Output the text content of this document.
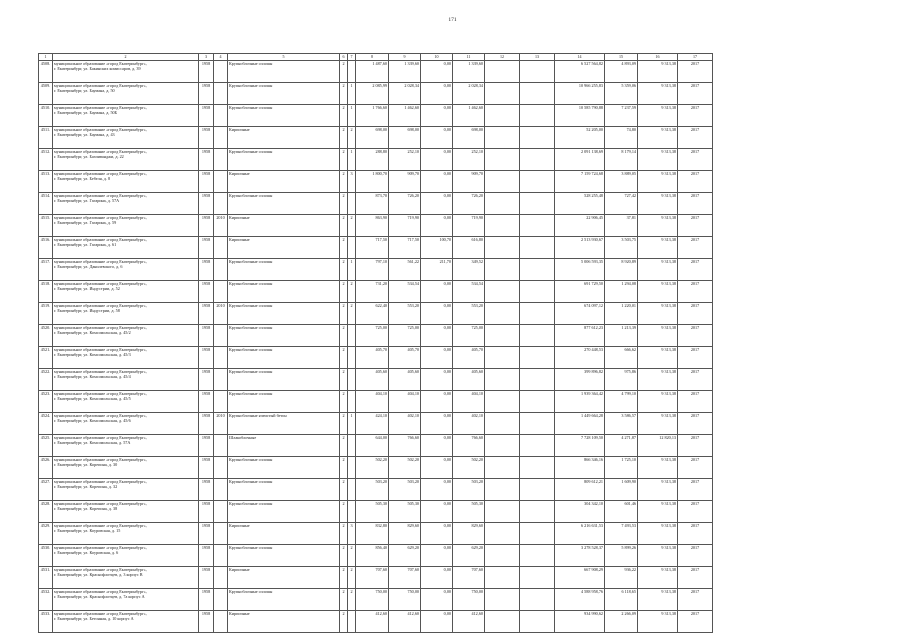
171
1	2	3	4	5	6	7	8	9	10	11	12	13	14	15	16	17
4508.	муниципальное образование «город Екатеринбург»,
г. Екатеринбург, ул. Бакинских комиссаров, д. 39	1958		Крупноблочные сплошн	2		1 487,60	1 339,60	0,00	1 339,60			6 527 564,82	4 893,09	9 313,38	2017
4509.	муниципальное образование «город Екатеринбург»,
г. Екатеринбург, ул. Бауманa, д. 50	1958		Крупноблочные сплошн	2	1	2 085,99	2 028,34	0,00	2 028,34			10 966 255,83	5 359,06	9 313,38	2017
4510.	муниципальное образование «город Екатеринбург»,
г. Екатеринбург, ул. Бауманa, д. 50Б	1958		Крупноблочные сплошн	2	1	1 766,60	1 462,60	0,00	1 462,60			10 585 790,88	7 237,59	9 313,38	2017
4511.	муниципальное образование «город Екатеринбург»,
г. Екатеринбург, ул. Бауманa, д. 43	1958		Кирпичные	2	2	698,00	698,00	0,00	698,00			52 205,00	74,80	9 313,38	2017
4512.	муниципальное образование «город Екатеринбург»,
г. Екатеринбург, ул. Бахчиванджи, д. 22	1958		Крупноблочные сплошн	2	1	288,80	252,10	0,00	252,10			2 091 138,69	8 179,14	9 313,38	2017
4513.	муниципальное образование «город Екатеринбург»,
г. Екатеринбург, ул. Бебеля, д. 8	1958		Кирпичные	2	3	1 800,70	909,70	0,00	909,70			7 159 724,68	3 889,05	9 313,38	2017
4514.	муниципальное образование «город Екатеринбург»,
г. Екатеринбург, ул. Гагарина, д. 57А	1958		Крупноблочные сплошн	2		873,70	726,20	0,00	726,20			528 255,48	727,42	9 313,38	2017
4515.	муниципальное образование «город Екатеринбург»,
г. Екатеринбург, ул. Гагарина, д. 59	1958	2010	Кирпичные	2	2	863,90	719,90	0,00	719,90			22 906,45	37,81	9 313,38	2017
4516.	муниципальное образование «город Екатеринбург»,
г. Екатеринбург, ул. Гагарина, д. 61	1958		Кирпичные	2		717,50	717,50	100,70	616,80			2 513 930,67	3 503,75	9 313,38	2017
4517.	муниципальное образование «город Екатеринбург»,
г. Екатеринбург, ул. Данилевского, д. 6	1958		Крупноблочные сплошн	2	1	797,10	561,22	211,70	349,52			5 006 593,35	8 920,89	9 313,38	2017
4518.	муниципальное образование «город Екатеринбург»,
г. Екатеринбург, ул. Индустрии, д. 52	1958		Крупноблочные сплошн	2	2	731,20	534,54	0,00	534,54			691 729,50	1 294,08	9 313,38	2017
4519.	муниципальное образование «город Екатеринбург»,
г. Екатеринбург, ул. Индустрии, д. 58	1958	2010	Крупноблочные сплошн	2	2	622,40	553,20	0,00	553,20			674 097,12	1 220,01	9 313,38	2017
4520.	муниципальное образование «город Екатеринбург»,
г. Екатеринбург, ул. Комсомольская, д. 45/2	1958		Крупноблочные сплошн	2		725,00	725,00	0,00	725,00			877 612,23	1 213,39	9 313,38	2017
4521.	муниципальное образование «город Екатеринбург»,
г. Екатеринбург, ул. Комсомольская, д. 45/3	1958		Крупноблочные сплошн	2		405,70	405,70	0,00	405,70			270 448,53	666,62	9 313,38	2017
4522.	муниципальное образование «город Екатеринбург»,
г. Екатеринбург, ул. Комсомольская, д. 45/4	1958		Крупноблочные сплошн	2		405,60	405,60	0,00	405,60			399 896,82	975,86	9 313,38	2017
4523.	муниципальное образование «город Екатеринбург»,
г. Екатеринбург, ул. Комсомольская, д. 45/5	1958		Крупноблочные сплошн	2		404,10	404,10	0,00	404,10			1 939 364,42	4 799,10	9 313,38	2017
4524.	муниципальное образование «город Екатеринбург»,
г. Екатеринбург, ул. Комсомольская, д. 45/6	1958	2010	Крупноблочные ячеистый бетон	2	1	424,10	402,10	0,00	402,10			1 449 664,28	3 586,57	9 313,38	2017
4525.	муниципальное образование «город Екатеринбург»,
г. Екатеринбург, ул. Комсомольская, д. 57А	1958		Шлакоблочные	2		644,00	766,60	0,00	766,60			7 728 109,50	4 271,87	12 820,13	2017
4526.	муниципальное образование «город Екатеринбург»,
г. Екатеринбург, ул. Корепина, д. 30	1958		Крупноблочные сплошн	2		502,20	502,20	0,00	502,20			866 346,16	1 725,10	9 313,38	2017
4527.	муниципальное образование «город Екатеринбург»,
г. Екатеринбург, ул. Корепина, д. 32	1958		Крупноблочные сплошн	2		503,20	503,20	0,00	503,20			809 612,21	1 609,90	9 313,38	2017
4528.	муниципальное образование «город Екатеринбург»,
г. Екатеринбург, ул. Корепина, д. 38	1958		Крупноблочные сплошн	2		505,30	505,30	0,00	505,30			304 342,10	601,46	9 313,38	2017
4529.	муниципальное образование «город Екатеринбург»,
г. Екатеринбург, ул. Коуровская, д. 15	1958		Кирпичные	2	3	832,80	829,60	0,00	829,60			6 216 631,53	7 493,53	9 313,38	2017
4530.	муниципальное образование «город Екатеринбург»,
г. Екатеринбург, ул. Коуровская, д. 6	1958		Крупноблочные сплошн	2	2	856,40	629,20	0,00	629,20			3 278 528,37	5 899,26	9 313,38	2017
4531.	муниципальное образование «город Екатеринбург»,
г. Екатеринбург, ул. Краснофлотцев, д. 3 корпус В	1958		Кирпичные	2	2	707,60	707,60	0,00	707,60			667 908,29	936,22	9 313,38	2017
4532.	муниципальное образование «город Екатеринбург»,
г. Екатеринбург, ул. Краснофлотцев, д. 7а корпус А	1958		Крупноблочные сплошн	2	2	750,00	750,00	0,00	750,00			4 588 958,76	6 118,65	9 313,38	2017
4533.	муниципальное образование «город Екатеринбург»,
г. Екатеринбург, ул. Бетонная, д. 10 корпус А	1958		Кирпичные	2		412,60	412,60	0,00	412,60			934 990,62	2 266,09	9 313,38	2017
